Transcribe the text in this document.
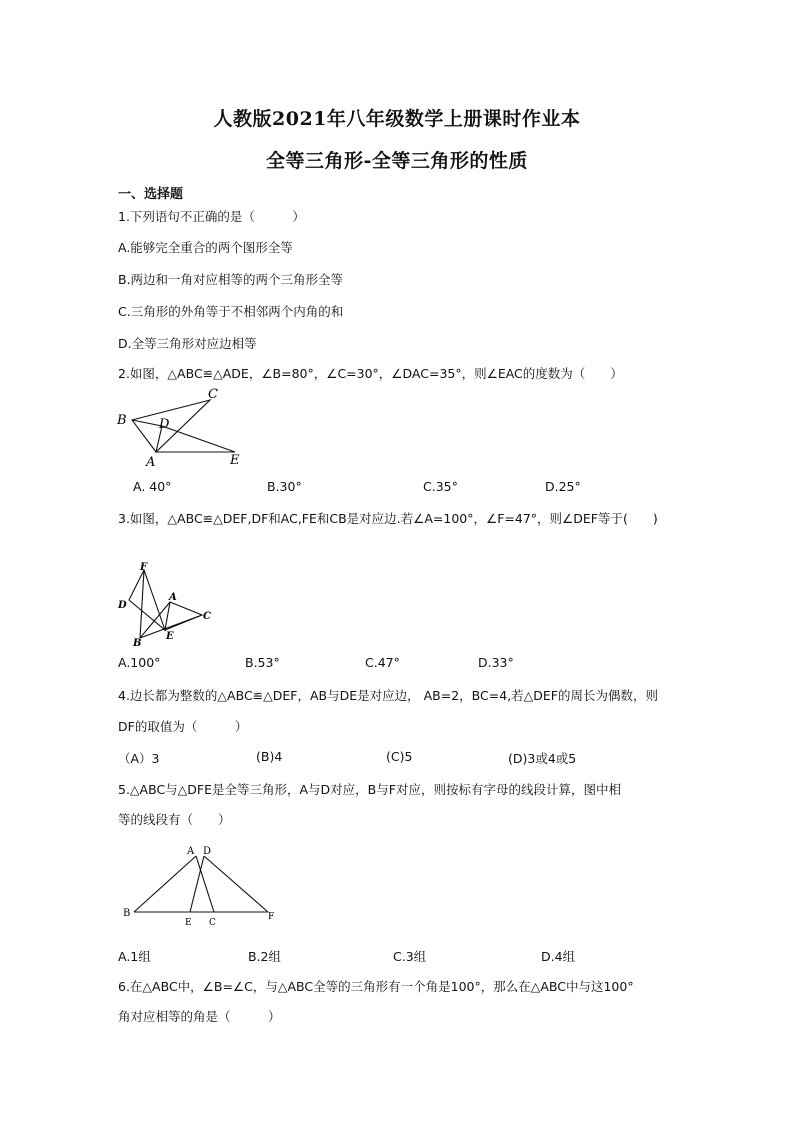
人教版2021年八年级数学上册课时作业本
全等三角形-全等三角形的性质
一、选择题
1.下列语句不正确的是（　　　）
A.能够完全重合的两个图形全等
B.两边和一角对应相等的两个三角形全等
C.三角形的外角等于不相邻两个内角的和
D.全等三角形对应边相等
2.如图，△ABC≌△ADE，∠B=80°，∠C=30°，∠DAC=35°，则∠EAC的度数为（　　）
B
C
D
A	E
A. 40°	B.30°	C.35°	D.25°
3.如图，△ABC≌△DEF,DF和AC,FE和CB是对应边.若∠A=100°，∠F=47°，则∠DEF等于(　　)
F
D
A
C
E
B
A.100°	B.53°	C.47°	D.33°
4.边长都为整数的△ABC≌△DEF，AB与DE是对应边， AB=2，BC=4,若△DEF的周长为偶数，则
DF的取值为（　　　）
（A）3	(B)4	(C)5	(D)3或4或5
5.△ABC与△DFE是全等三角形，A与D对应，B与F对应，则按标有字母的线段计算，图中相
等的线段有（　　）
A D
B
E C
F
A.1组	B.2组	C.3组	D.4组
6.在△ABC中，∠B=∠C，与△ABC全等的三角形有一个角是100°，那么在△ABC中与这100°
角对应相等的角是（　　　）
